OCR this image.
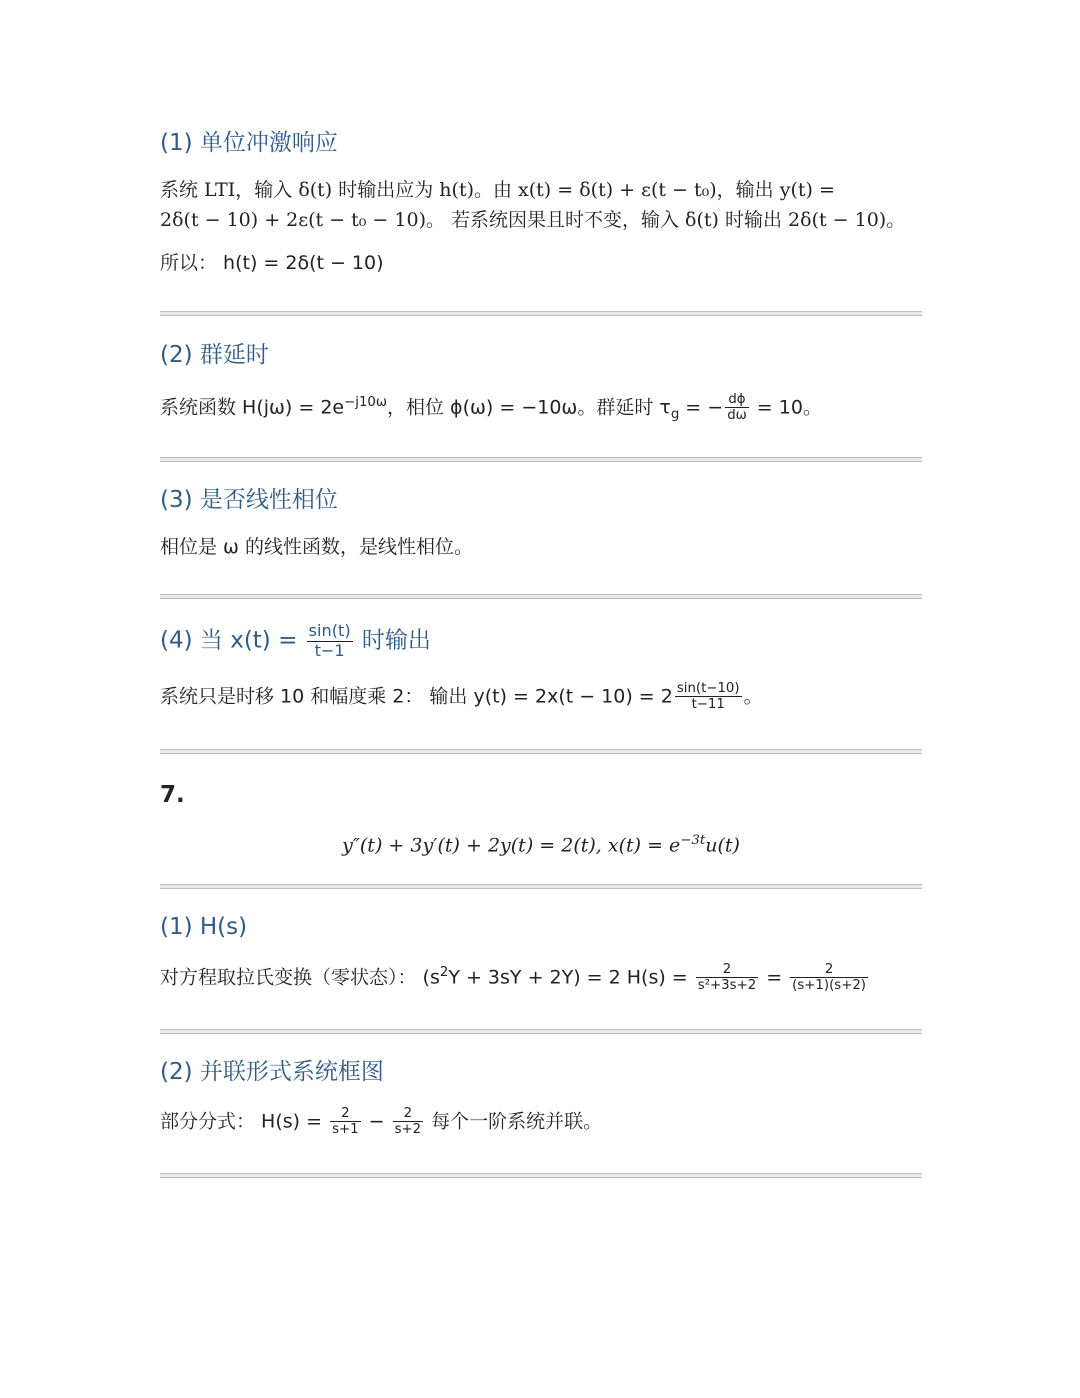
(1) 单位冲激响应

系统 LTI，输入 δ(t) 时输出应为 h(t)。由 x(t) = δ(t) + ε(t − t₀)，输出 y(t) =

2δ(t − 10) + 2ε(t − t₀ − 10)。 若系统因果且时不变，输入 δ(t) 时输出 2δ(t − 10)。

所以： h(t) = 2δ(t − 10)

(2) 群延时

系统函数 $H(j\omega) = 2e^{-j10\omega}$，相位 ϕ(ω) = −10ω。群延时 $\tau_g$ = − $\frac{d\phi}{d\omega} = 10$。

(3) 是否线性相位

相位是 ω 的线性函数，是线性相位。

(4) 当 $x(t) = \frac{\sin(t)}{t-1}$ 时输出

系统只是时移 10 和幅度乘 2： 输出 $y(t) = 2x(t - 10) = 2 \frac{\sin(t-10)}{t-11}$ 。

7.

y″(t) + 3y′(t) + 2y(t) = 2(t), $x(t) = e^{-3t}u(t)$

(1) H(s)

对方程取拉氏变换（零状态）： $(s^2Y + 3sY + 2Y) = 2$ $H(s) = \frac{2}{\text{s²+3s+2}} = \frac{2}{(s+1)(s+2)}$

(2) 并联形式系统框图

部分分式： $H(s) = \frac{2}{s+1} - \frac{2}{s+2}$ 每个一阶系统并联。
